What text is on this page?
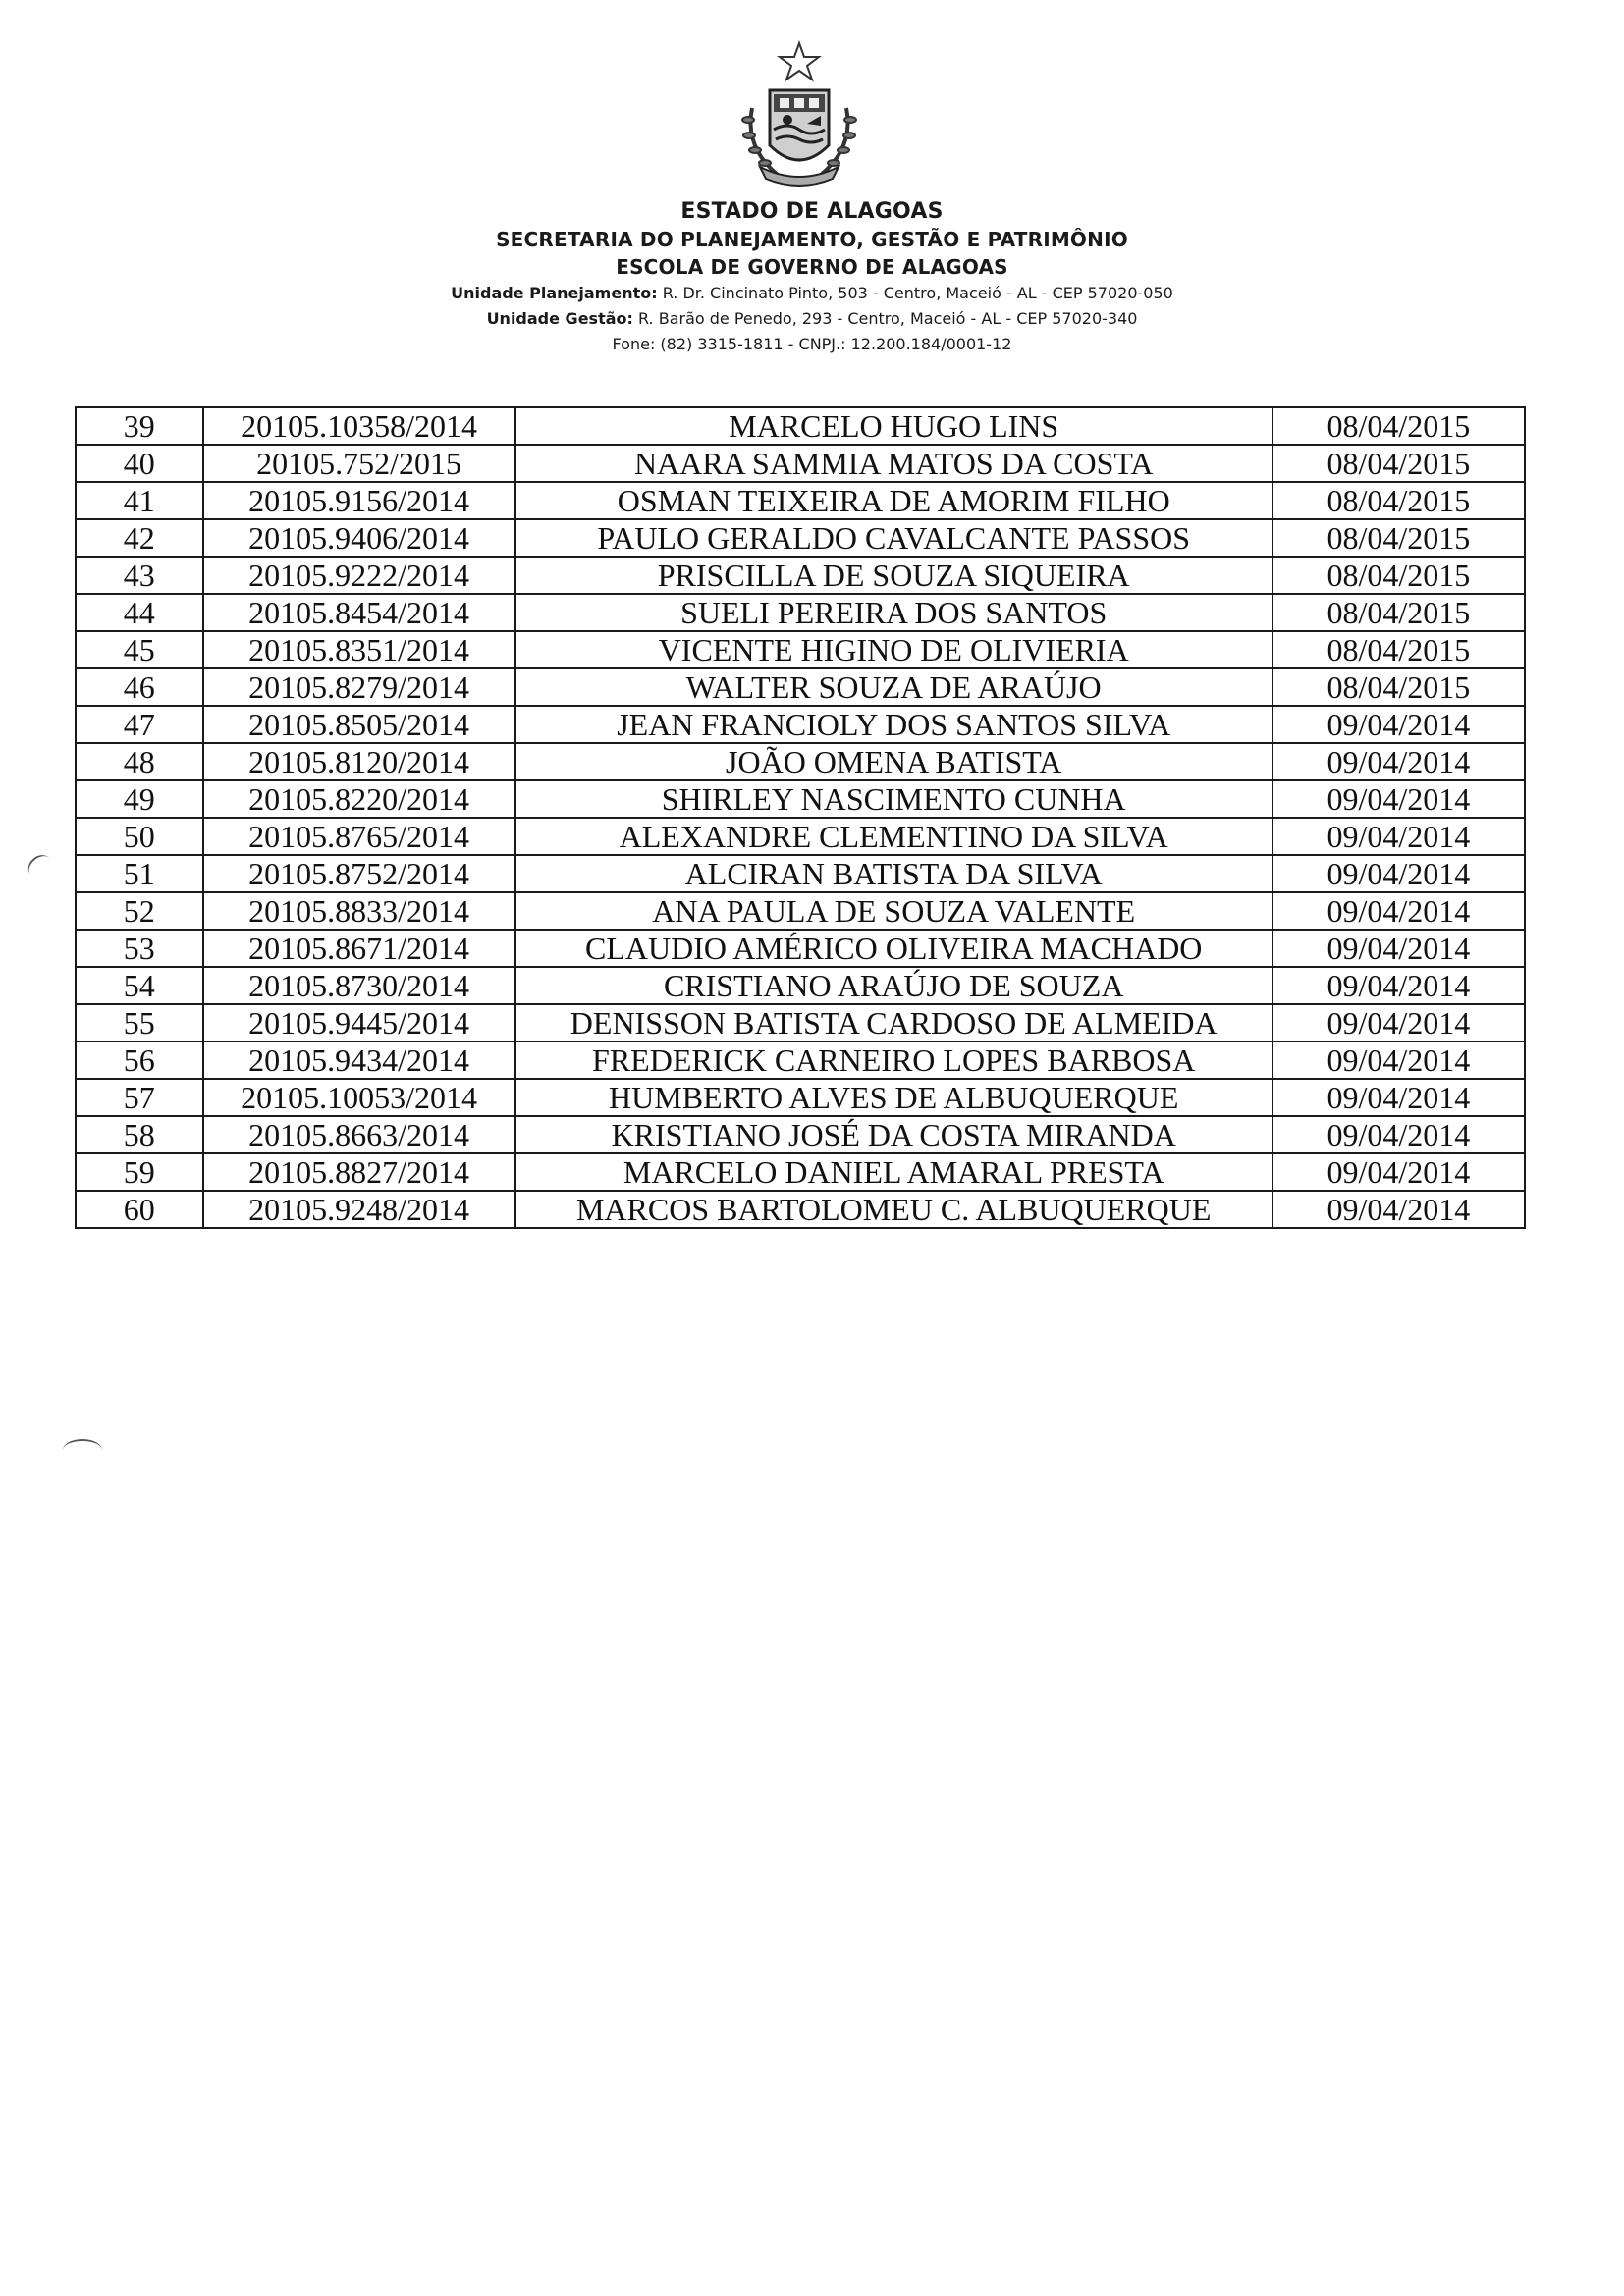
ESTADO DE ALAGOAS
SECRETARIA DO PLANEJAMENTO, GESTÃO E PATRIMÔNIO
ESCOLA DE GOVERNO DE ALAGOAS
Unidade Planejamento: R. Dr. Cincinato Pinto, 503 - Centro, Maceió - AL - CEP 57020-050
Unidade Gestão: R. Barão de Penedo, 293 - Centro, Maceió - AL - CEP 57020-340
Fone: (82) 3315-1811 - CNPJ.: 12.200.184/0001-12
39	20105.10358/2014	MARCELO HUGO LINS	08/04/2015
40	20105.752/2015	NAARA SAMMIA MATOS DA COSTA	08/04/2015
41	20105.9156/2014	OSMAN TEIXEIRA DE AMORIM FILHO	08/04/2015
42	20105.9406/2014	PAULO GERALDO CAVALCANTE PASSOS	08/04/2015
43	20105.9222/2014	PRISCILLA DE SOUZA SIQUEIRA	08/04/2015
44	20105.8454/2014	SUELI PEREIRA DOS SANTOS	08/04/2015
45	20105.8351/2014	VICENTE HIGINO DE OLIVIERIA	08/04/2015
46	20105.8279/2014	WALTER SOUZA DE ARAÚJO	08/04/2015
47	20105.8505/2014	JEAN FRANCIOLY DOS SANTOS SILVA	09/04/2014
48	20105.8120/2014	JOÃO OMENA BATISTA	09/04/2014
49	20105.8220/2014	SHIRLEY NASCIMENTO CUNHA	09/04/2014
50	20105.8765/2014	ALEXANDRE CLEMENTINO DA SILVA	09/04/2014
51	20105.8752/2014	ALCIRAN BATISTA DA SILVA	09/04/2014
52	20105.8833/2014	ANA PAULA DE SOUZA VALENTE	09/04/2014
53	20105.8671/2014	CLAUDIO AMÉRICO OLIVEIRA MACHADO	09/04/2014
54	20105.8730/2014	CRISTIANO ARAÚJO DE SOUZA	09/04/2014
55	20105.9445/2014	DENISSON BATISTA CARDOSO DE ALMEIDA	09/04/2014
56	20105.9434/2014	FREDERICK CARNEIRO LOPES BARBOSA	09/04/2014
57	20105.10053/2014	HUMBERTO ALVES DE ALBUQUERQUE	09/04/2014
58	20105.8663/2014	KRISTIANO JOSÉ DA COSTA MIRANDA	09/04/2014
59	20105.8827/2014	MARCELO DANIEL AMARAL PRESTA	09/04/2014
60	20105.9248/2014	MARCOS BARTOLOMEU C. ALBUQUERQUE	09/04/2014
